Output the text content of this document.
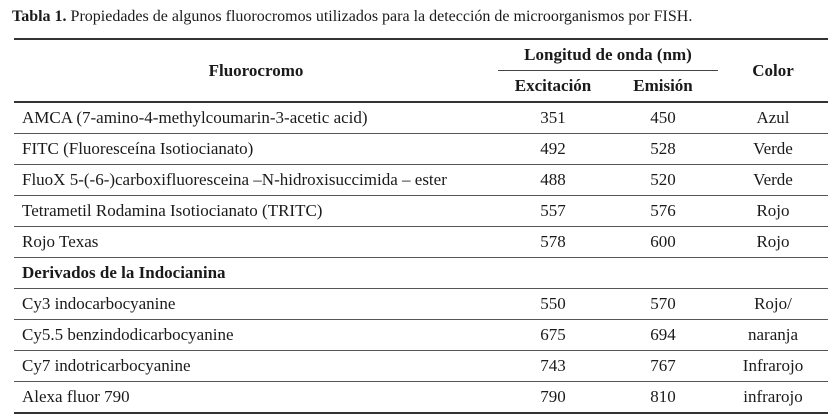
Tabla 1. Propiedades de algunos fluorocromos utilizados para la detección de microorganismos por FISH.
Fluorocromo	Longitud de onda (nm)		Color
	Excitación	Emisión	
AMCA (7-amino-4-methylcoumarin-3-acetic acid)	351	450	Azul
FITC (Fluoresceína Isotiocianato)	492	528	Verde
FluoX 5-(-6-)carboxifluoresceina –N-hidroxisuccimida – ester	488	520	Verde
Tetrametil Rodamina Isotiocianato (TRITC)	557	576	Rojo
Rojo Texas	578	600	Rojo
Derivados de la Indocianina			
Cy3 indocarbocyanine	550	570	Rojo/
Cy5.5 benzindodicarbocyanine	675	694	naranja
Cy7 indotricarbocyanine	743	767	Infrarojo
Alexa fluor 790	790	810	infrarojo
